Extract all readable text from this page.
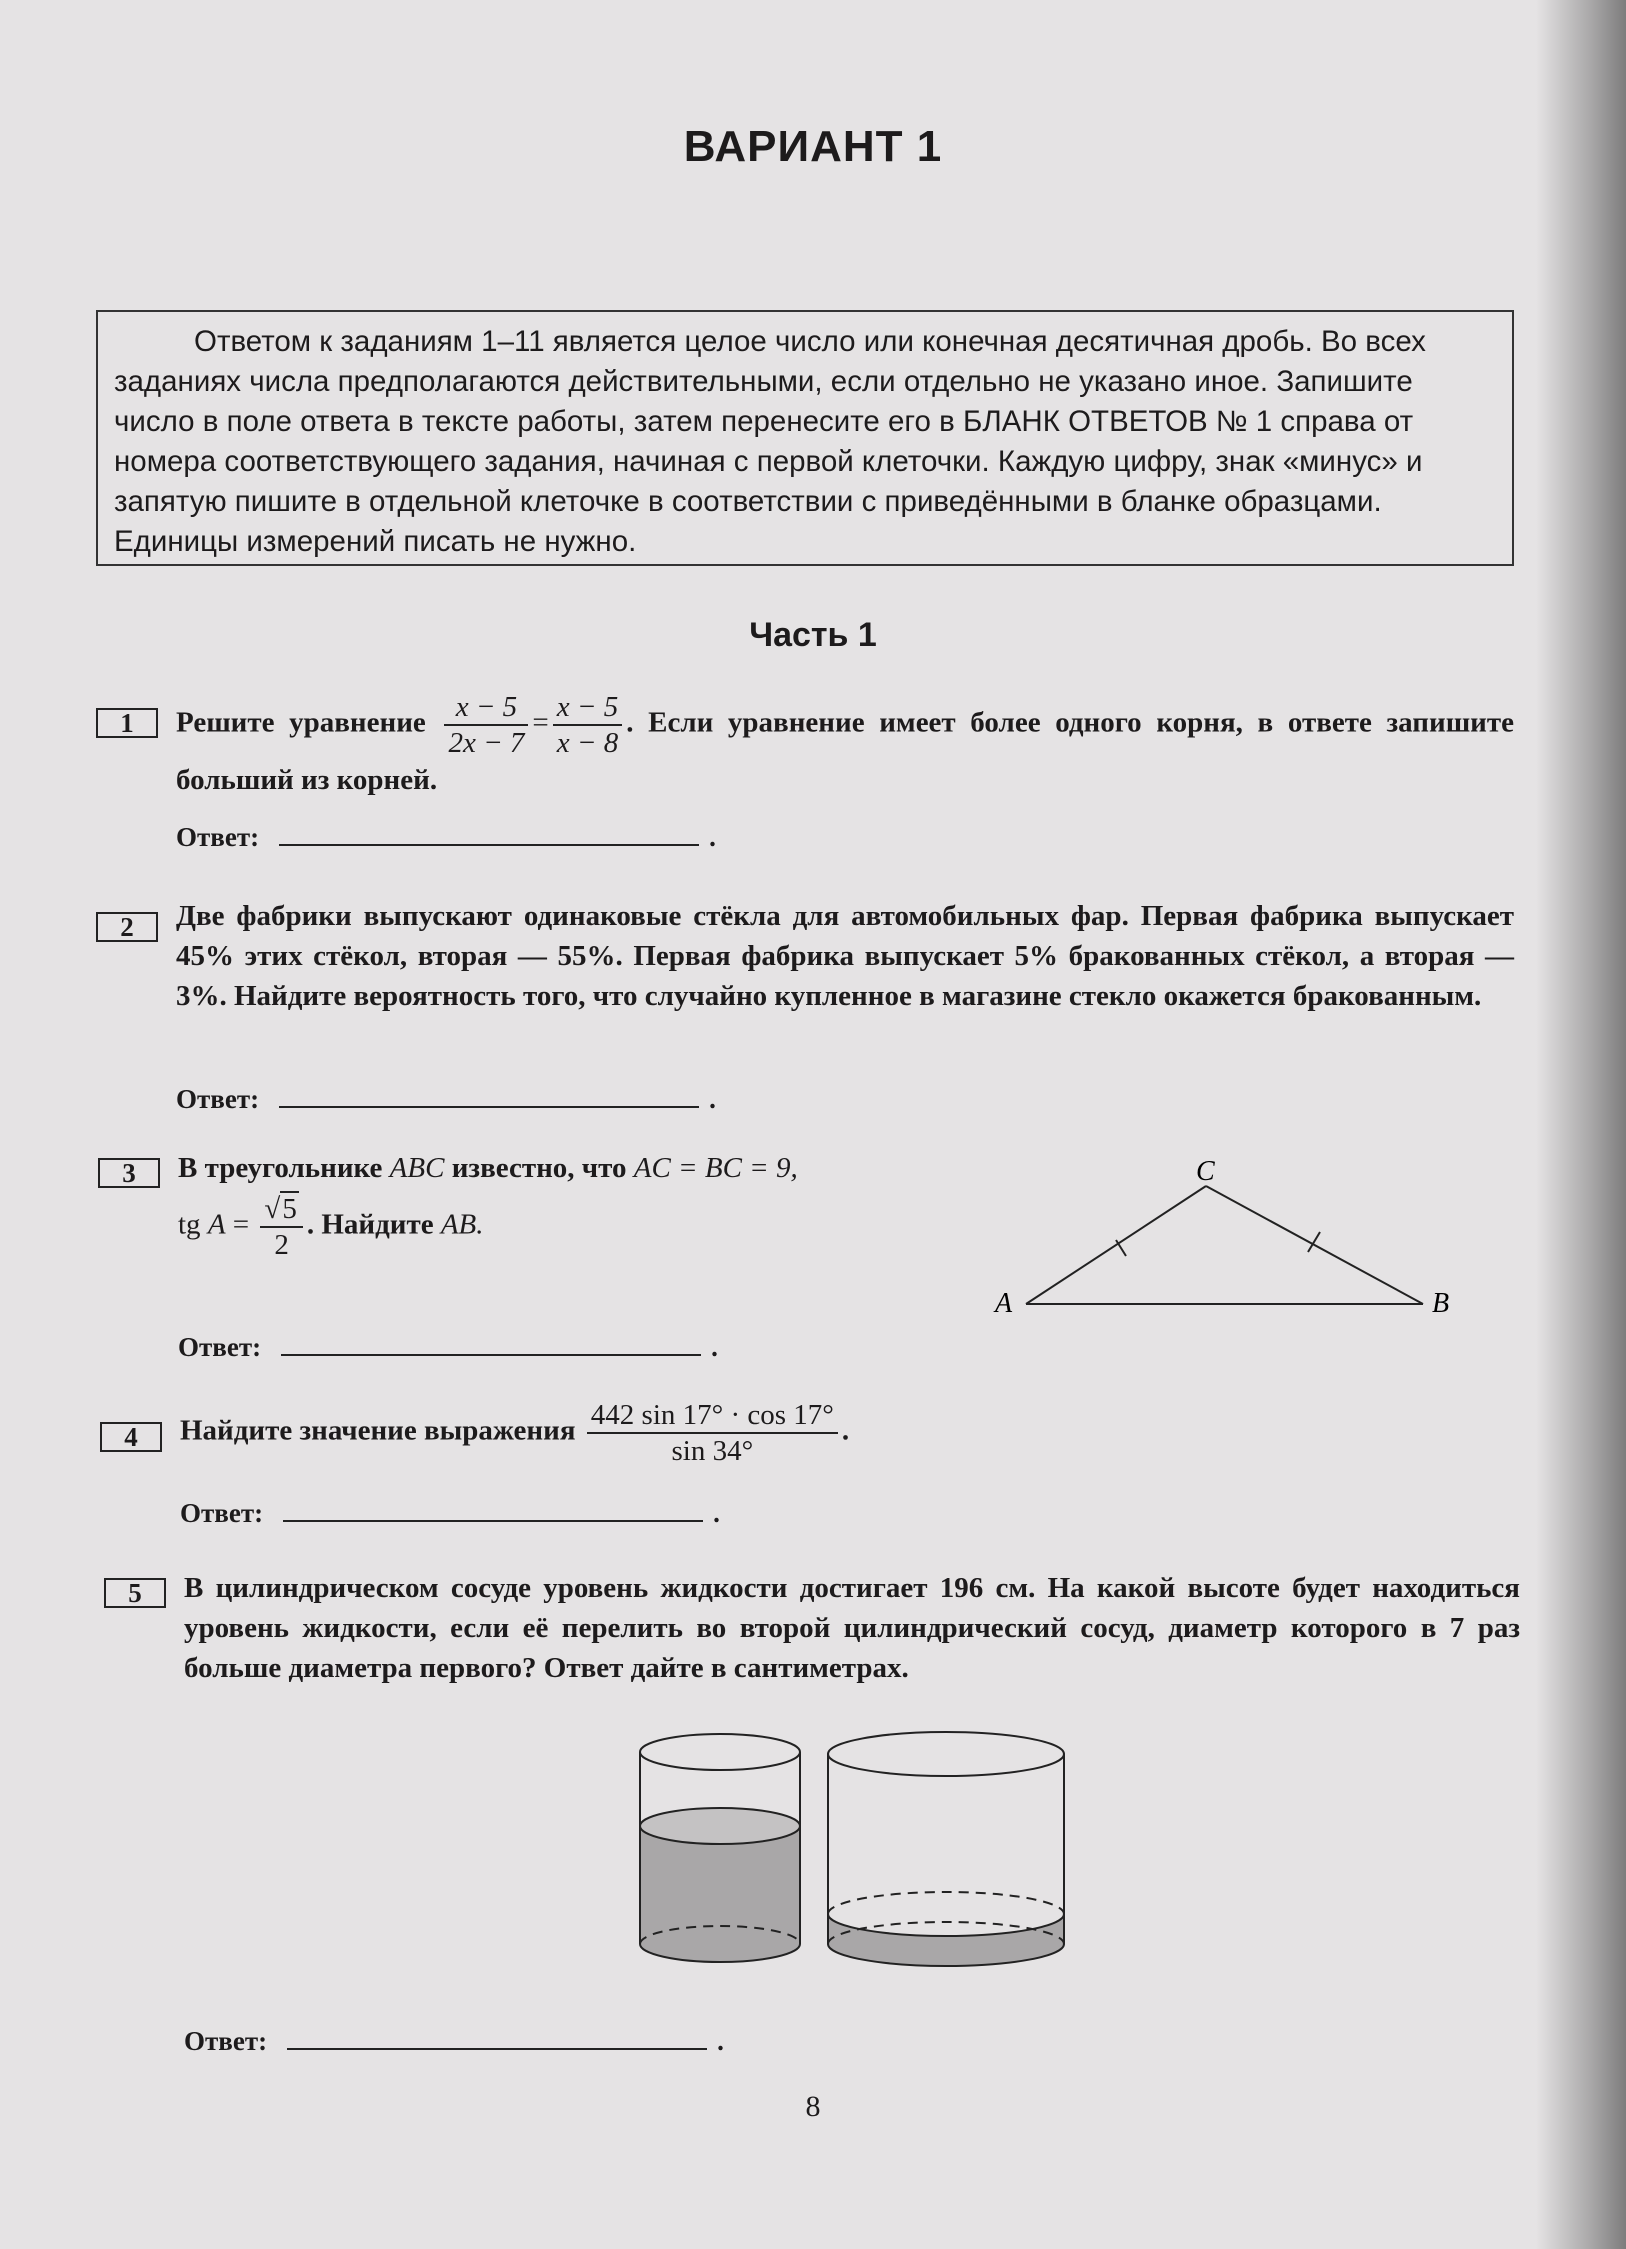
ВАРИАНТ 1
Ответом к заданиям 1–11 является целое число или конечная десятичная дробь. Во всех заданиях числа предполагаются действительными, если отдельно не указано иное. Запишите число в поле ответа в тексте работы, затем перенесите его в БЛАНК ОТВЕТОВ № 1 справа от номера соответствующего задания, начиная с первой клеточки. Каждую цифру, знак «минус» и запятую пишите в отдельной клеточке в соответствии с приведёнными в бланке образцами. Единицы измерений писать не нужно.
Часть 1
1	Решите уравнение $\frac{x - 5}{2x - 7} = \frac{x - 5}{x - 8}$ . Если уравнение имеет более одного корня, в ответе запишите больший из корней.
Ответ:	.
2	Две фабрики выпускают одинаковые стёкла для автомобильных фар. Первая фабрика выпускает 45% этих стёкол, вторая — 55%. Первая фабрика выпускает 5% бракованных стёкол, а вторая — 3%. Найдите вероятность того, что случайно купленное в магазине стекло окажется бракованным.
Ответ:	.
3	В треугольнике ABC известно, что AC = BC = 9,
tg $A = \frac{√5}{2}$ . Найдите AB.
A	B
C
Ответ:	.
4	Найдите значение выражения $\frac{442 \sin 17^\circ \cdot \cos 17^\circ}{\sin 34^\circ}$ .
Ответ:	.
5	В цилиндрическом сосуде уровень жидкости достигает 196 см. На какой высоте будет находиться уровень жидкости, если её перелить во второй цилиндрический сосуд, диаметр которого в 7 раз больше диаметра первого? Ответ дайте в сантиметрах.
Ответ:	.
8
